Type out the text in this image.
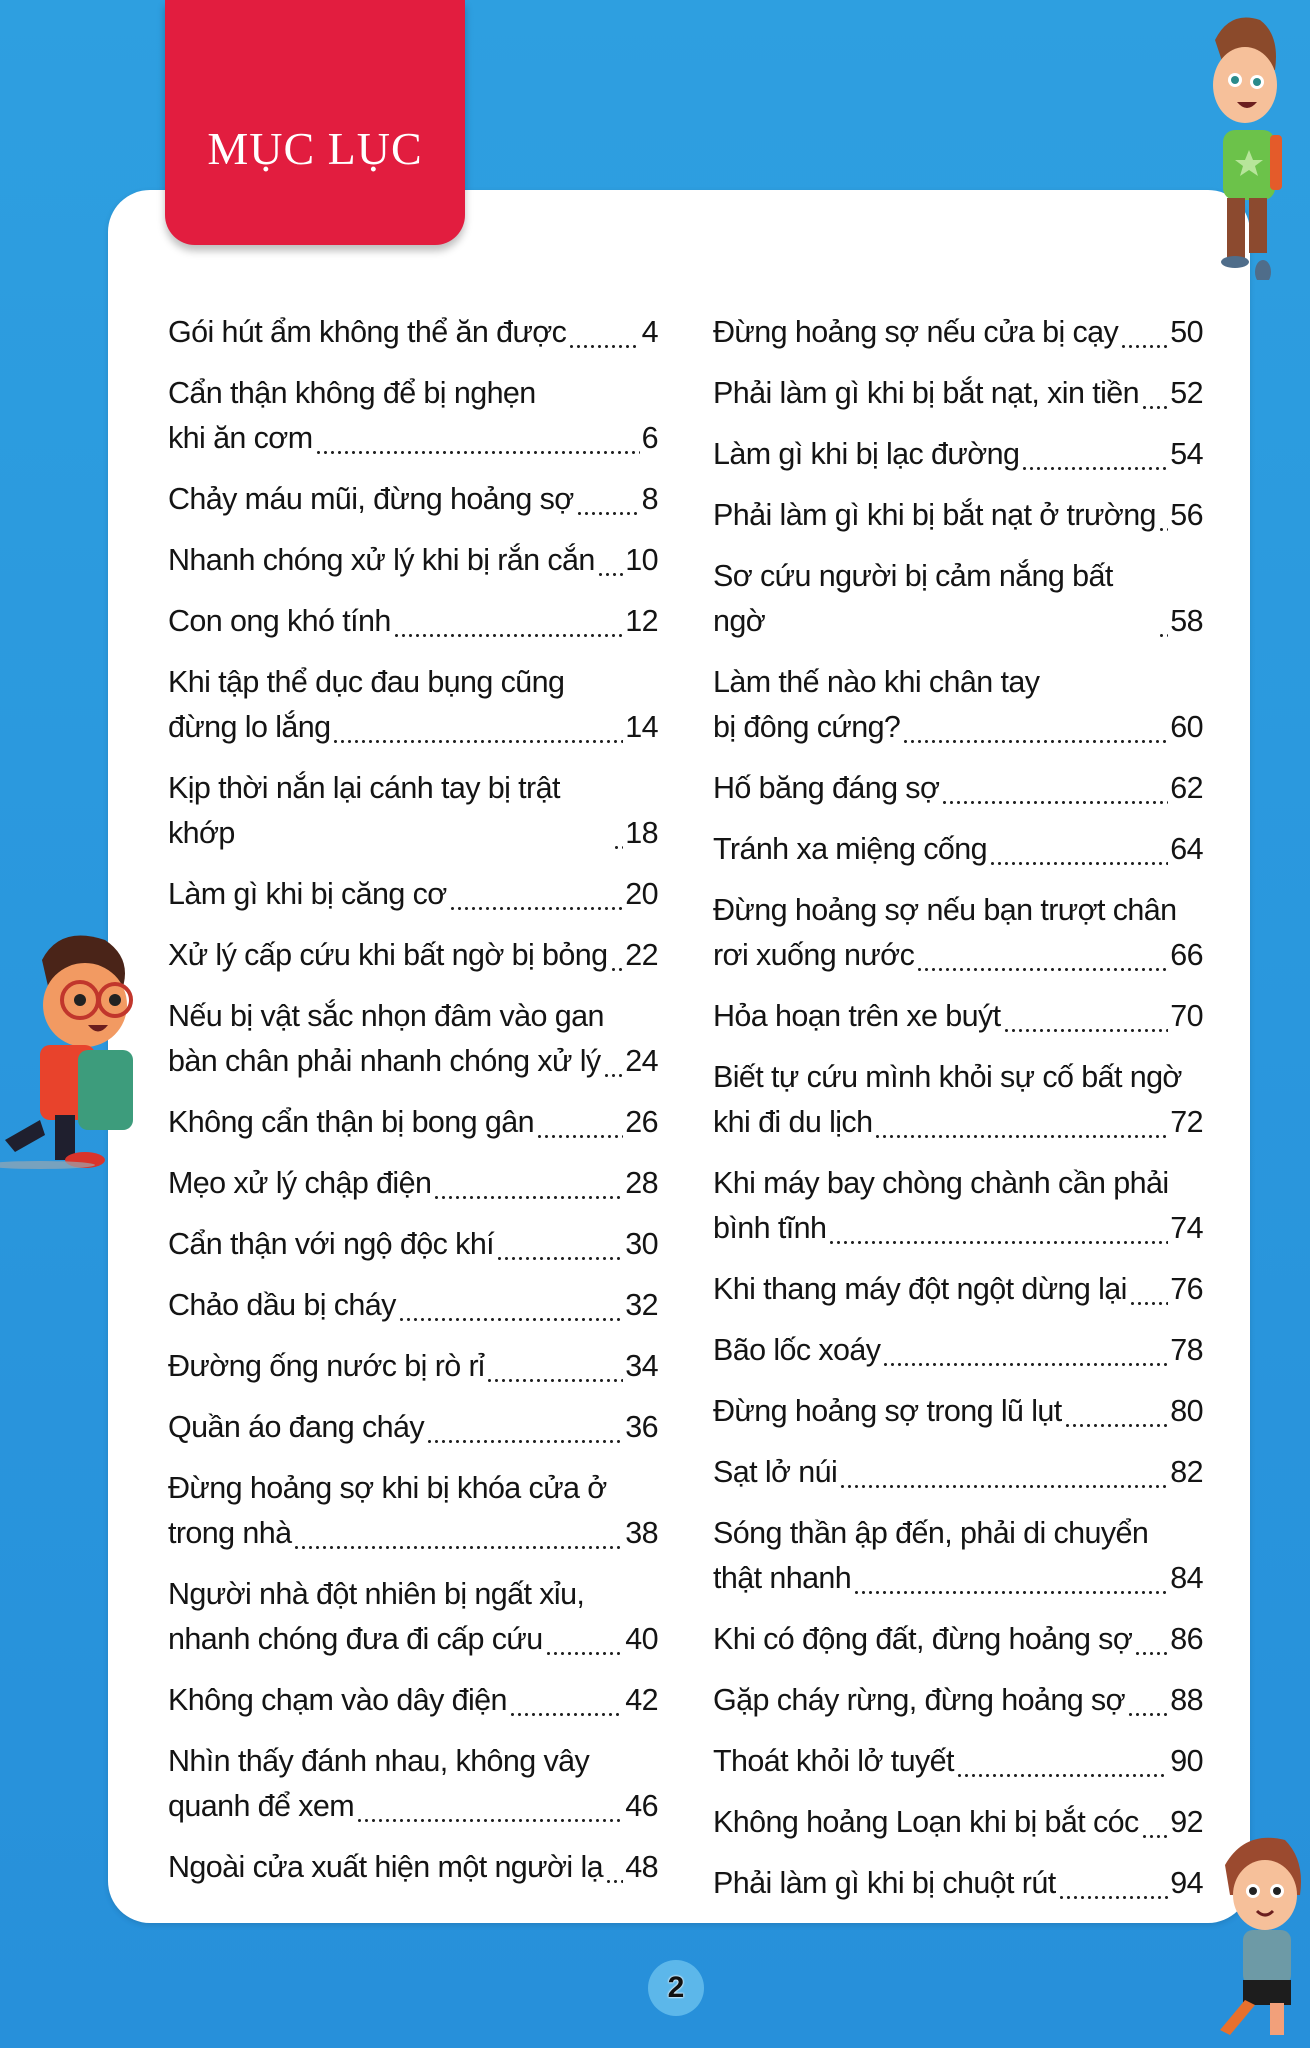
MỤC LỤC
Gói hút ẩm không thể ăn được 4
Cẩn thận không để bị nghẹn
khi ăn cơm	6
Chảy máu mũi, đừng hoảng sợ 8
Nhanh chóng xử lý khi bị rắn cắn 10
Con ong khó tính	12
Khi tập thể dục đau bụng cũng
đừng lo lắng	14
Kịp thời nắn lại cánh tay bị trật khớp	18
Làm gì khi bị căng cơ	20
Xử lý cấp cứu khi bất ngờ bị bỏng 22
Nếu bị vật sắc nhọn đâm vào gan
bàn chân phải nhanh chóng xử lý 24
Không cẩn thận bị bong gân	26
Mẹo xử lý chập điện	28
Cẩn thận với ngộ độc khí	30
Chảo dầu bị cháy	32
Đường ống nước bị rò rỉ	34
Quần áo đang cháy	36
Đừng hoảng sợ khi bị khóa cửa ở
trong nhà	38
Người nhà đột nhiên bị ngất xỉu,
nhanh chóng đưa đi cấp cứu	40
Không chạm vào dây điện	42
Nhìn thấy đánh nhau, không vây
quanh để xem	46
Ngoài cửa xuất hiện một người lạ 48
Đừng hoảng sợ nếu cửa bị cạy 50
Phải làm gì khi bị bắt nạt, xin tiền 52
Làm gì khi bị lạc đường	54
Phải làm gì khi bị bắt nạt ở trường 56
Sơ cứu người bị cảm nắng bất ngờ	58
Làm thế nào khi chân tay
bị đông cứng?	60
Hố băng đáng sợ	62
Tránh xa miệng cống	64
Đừng hoảng sợ nếu bạn trượt chân
rơi xuống nước	66
Hỏa hoạn trên xe buýt	70
Biết tự cứu mình khỏi sự cố bất ngờ
khi đi du lịch	72
Khi máy bay chòng chành cần phải
bình tĩnh	74
Khi thang máy đột ngột dừng lại 76
Bão lốc xoáy	78
Đừng hoảng sợ trong lũ lụt	80
Sạt lở núi	82
Sóng thần ập đến, phải di chuyển
thật nhanh	84
Khi có động đất, đừng hoảng sợ 86
Gặp cháy rừng, đừng hoảng sợ 88
Thoát khỏi lở tuyết	90
Không hoảng Loạn khi bị bắt cóc 92
Phải làm gì khi bị chuột rút	94
2
